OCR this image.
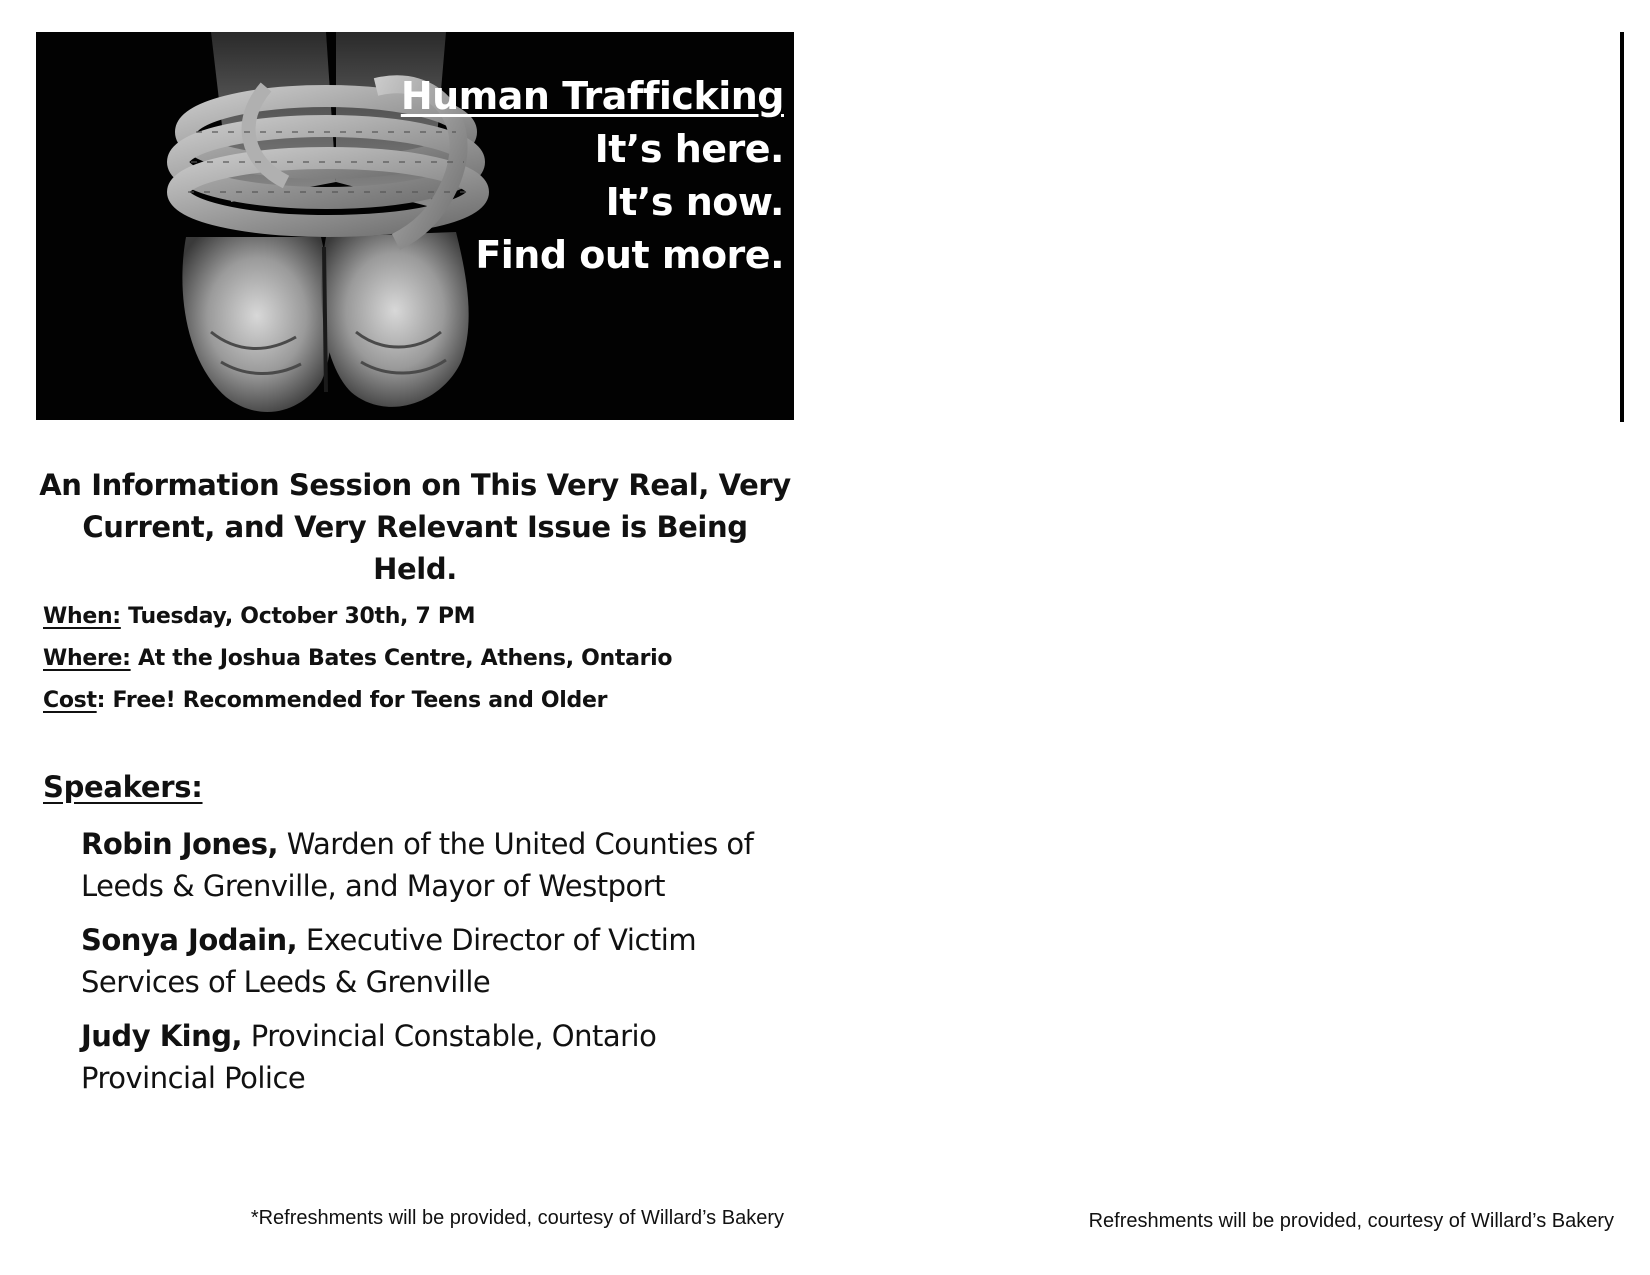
Human Trafficking
It’s here.
It’s now.
Find out more.
An Information Session on This Very Real, Very Current, and Very Relevant Issue is Being Held.
When: Tuesday, October 30th, 7 PM
Where: At the Joshua Bates Centre, Athens, Ontario
Cost: Free! Recommended for Teens and Older
Speakers:
Robin Jones, Warden of the United Counties of Leeds & Grenville, and Mayor of Westport
Sonya Jodain, Executive Director of Victim Services of Leeds & Grenville
Judy King, Provincial Constable, Ontario Provincial Police
*Refreshments will be provided, courtesy of Willard’s Bakery	Refreshments will be provided, courtesy of Willard’s Bakery
